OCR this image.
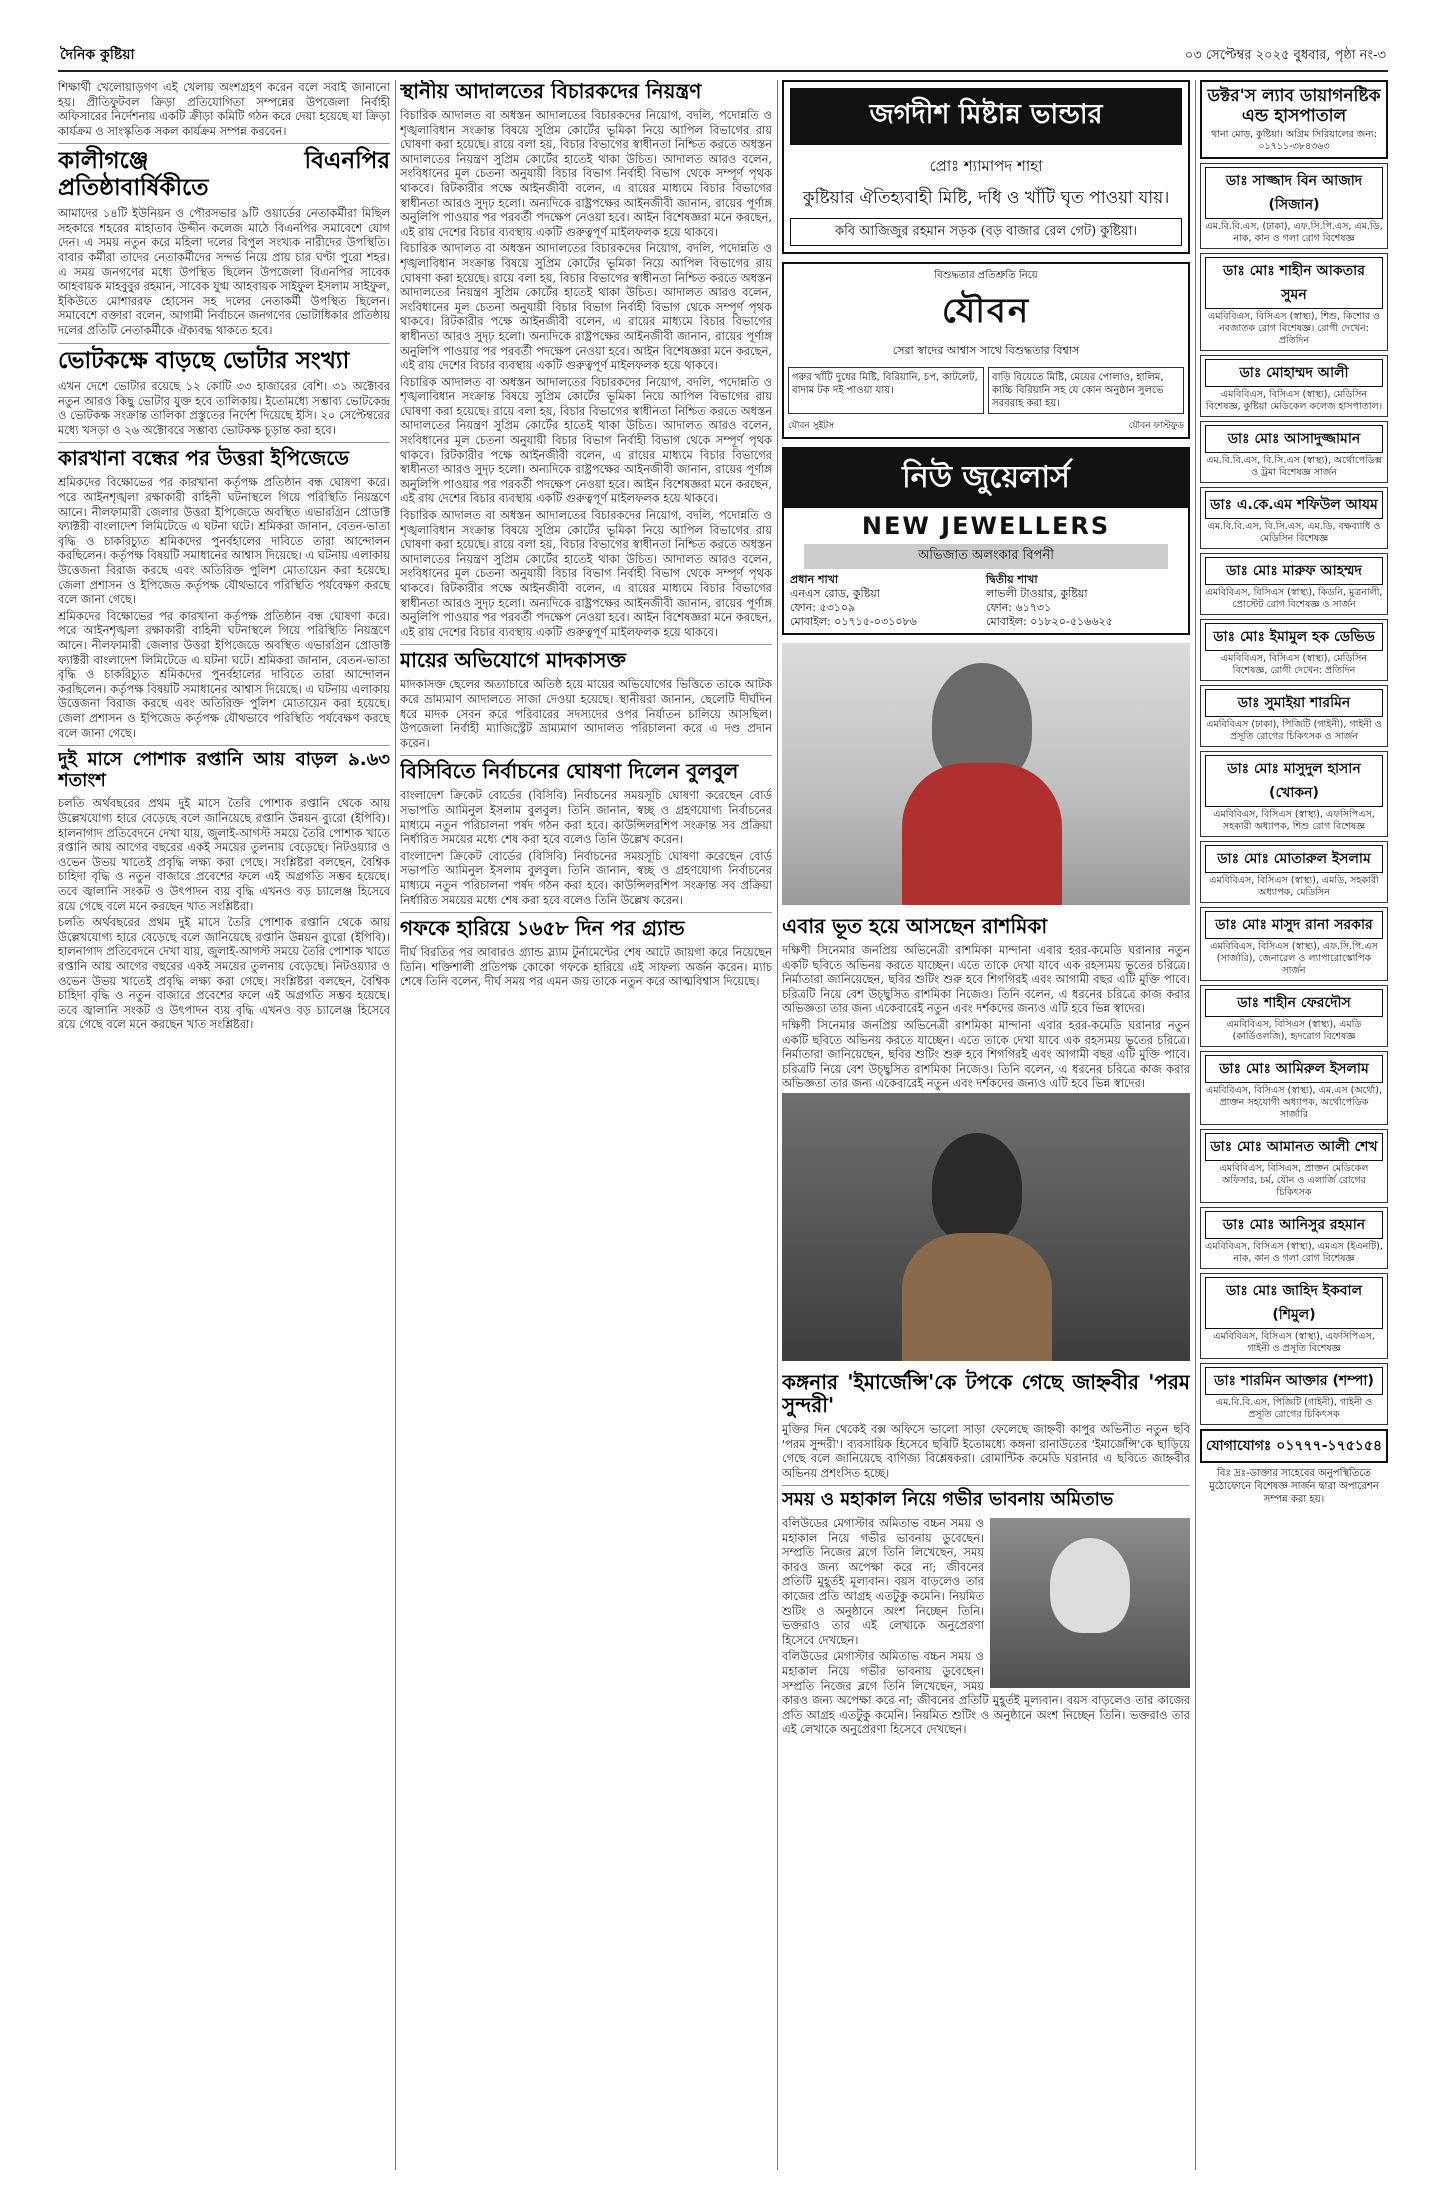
দৈনিক কুষ্টিয়া	০৩ সেপ্টেম্বর ২০২৫ বুধবার, পৃষ্ঠা নং-৩

শিক্ষার্থী খেলোয়াড়গণ এই খেলায় অংশগ্রহণ করেন বলে সবাই জানানো হয়। প্রীতিফুটবল ক্রিড়া প্রতিযোগিতা সম্পন্নের উপজেলা নির্বাহী অফিসারের নির্দেশনায় একটি ক্রীড়া কমিটি গঠন করে দেয়া হয়েছে যা ক্রিড়া কার্যক্রম ও সাংস্কৃতিক সকল কার্যক্রম সম্পন্ন করবেন।

কালীগঞ্জে বিএনপির প্রতিষ্ঠাবার্ষিকীতে

আমাদের ১৪টি ইউনিয়ন ও পৌরসভার ৯টি ওয়ার্ডের নেতাকর্মীরা মিছিল সহকারে শহরের মাহাতাব উদ্দীন কলেজ মাঠে বিএনপির সমাবেশে যোগ দেন। এ সময় নতুন করে মহিলা দলের বিপুল সংখ্যক নারীদের উপস্থিতি। বাবার কর্মীরা তাদের নেতাকর্মীদের সন্দর্ভ নিয়ে প্রায় চার ঘণ্টা পুরো শহর। এ সময় জনগণের মধ্যে উপস্থিত ছিলেন উপজেলা বিএনপির সাবেক আহবায়ক মাহবুবুর রহমান, সাবেক যুগ্ম আহবায়ক সাইফুল ইসলাম সাইফুল, ইকিউতে মোশাররফ হোসেন সহ দলের নেতাকর্মী উপস্থিত ছিলেন। সমাবেশে বক্তারা বলেন, আগামী নির্বাচনে জনগণের ভোটাধিকার প্রতিষ্ঠায় দলের প্রতিটি নেতাকর্মীকে ঐক্যবদ্ধ থাকতে হবে।

ভোটকক্ষে বাড়ছে ভোটার সংখ্যা

এখন দেশে ভোটার রয়েছে ১২ কোটি ৩৩ হাজারের বেশি। ৩১ অক্টোবর নতুন আরও কিছু ভোটার যুক্ত হবে তালিকায়। ইতোমধ্যে সম্ভাব্য ভোটকেন্দ্র ও ভোটকক্ষ সংক্রান্ত তালিকা প্রস্তুতের নির্দেশ দিয়েছে ইসি। ২০ সেপ্টেম্বরের মধ্যে খসড়া ও ২৬ অক্টোবরে সম্ভাব্য ভোটকক্ষ চূড়ান্ত করা হবে।

কারখানা বন্ধের পর উত্তরা ইপিজেডে

শ্রমিকদের বিক্ষোভের পর কারখানা কর্তৃপক্ষ প্রতিষ্ঠান বন্ধ ঘোষণা করে। পরে আইনশৃঙ্খলা রক্ষাকারী বাহিনী ঘটনাস্থলে গিয়ে পরিস্থিতি নিয়ন্ত্রণে আনে। নীলফামারী জেলার উত্তরা ইপিজেডে অবস্থিত এভারগ্রিন প্রোডাক্ট ফ্যাক্টরী বাংলাদেশ লিমিটেডে এ ঘটনা ঘটে। শ্রমিকরা জানান, বেতন-ভাতা বৃদ্ধি ও চাকরিচ্যুত শ্রমিকদের পুনর্বহালের দাবিতে তারা আন্দোলন করছিলেন। কর্তৃপক্ষ বিষয়টি সমাধানের আশ্বাস দিয়েছে। এ ঘটনায় এলাকায় উত্তেজনা বিরাজ করছে এবং অতিরিক্ত পুলিশ মোতায়েন করা হয়েছে। জেলা প্রশাসন ও ইপিজেড কর্তৃপক্ষ যৌথভাবে পরিস্থিতি পর্যবেক্ষণ করছে বলে জানা গেছে।

শ্রমিকদের বিক্ষোভের পর কারখানা কর্তৃপক্ষ প্রতিষ্ঠান বন্ধ ঘোষণা করে। পরে আইনশৃঙ্খলা রক্ষাকারী বাহিনী ঘটনাস্থলে গিয়ে পরিস্থিতি নিয়ন্ত্রণে আনে। নীলফামারী জেলার উত্তরা ইপিজেডে অবস্থিত এভারগ্রিন প্রোডাক্ট ফ্যাক্টরী বাংলাদেশ লিমিটেডে এ ঘটনা ঘটে। শ্রমিকরা জানান, বেতন-ভাতা বৃদ্ধি ও চাকরিচ্যুত শ্রমিকদের পুনর্বহালের দাবিতে তারা আন্দোলন করছিলেন। কর্তৃপক্ষ বিষয়টি সমাধানের আশ্বাস দিয়েছে। এ ঘটনায় এলাকায় উত্তেজনা বিরাজ করছে এবং অতিরিক্ত পুলিশ মোতায়েন করা হয়েছে। জেলা প্রশাসন ও ইপিজেড কর্তৃপক্ষ যৌথভাবে পরিস্থিতি পর্যবেক্ষণ করছে বলে জানা গেছে।

দুই মাসে পোশাক রপ্তানি আয় বাড়ল ৯.৬৩ শতাংশ

চলতি অর্থবছরের প্রথম দুই মাসে তৈরি পোশাক রপ্তানি থেকে আয় উল্লেখযোগ্য হারে বেড়েছে বলে জানিয়েছে রপ্তানি উন্নয়ন ব্যুরো (ইপিবি)। হালনাগাদ প্রতিবেদনে দেখা যায়, জুলাই-আগস্ট সময়ে তৈরি পোশাক খাতে রপ্তানি আয় আগের বছরের একই সময়ের তুলনায় বেড়েছে। নিটওয়্যার ও ওভেন উভয় খাতেই প্রবৃদ্ধি লক্ষ্য করা গেছে। সংশ্লিষ্টরা বলছেন, বৈশ্বিক চাহিদা বৃদ্ধি ও নতুন বাজারে প্রবেশের ফলে এই অগ্রগতি সম্ভব হয়েছে। তবে জ্বালানি সংকট ও উৎপাদন ব্যয় বৃদ্ধি এখনও বড় চ্যালেঞ্জ হিসেবে রয়ে গেছে বলে মনে করছেন খাত সংশ্লিষ্টরা।

চলতি অর্থবছরের প্রথম দুই মাসে তৈরি পোশাক রপ্তানি থেকে আয় উল্লেখযোগ্য হারে বেড়েছে বলে জানিয়েছে রপ্তানি উন্নয়ন ব্যুরো (ইপিবি)। হালনাগাদ প্রতিবেদনে দেখা যায়, জুলাই-আগস্ট সময়ে তৈরি পোশাক খাতে রপ্তানি আয় আগের বছরের একই সময়ের তুলনায় বেড়েছে। নিটওয়্যার ও ওভেন উভয় খাতেই প্রবৃদ্ধি লক্ষ্য করা গেছে। সংশ্লিষ্টরা বলছেন, বৈশ্বিক চাহিদা বৃদ্ধি ও নতুন বাজারে প্রবেশের ফলে এই অগ্রগতি সম্ভব হয়েছে। তবে জ্বালানি সংকট ও উৎপাদন ব্যয় বৃদ্ধি এখনও বড় চ্যালেঞ্জ হিসেবে রয়ে গেছে বলে মনে করছেন খাত সংশ্লিষ্টরা।

স্থানীয় আদালতের বিচারকদের নিয়ন্ত্রণ

বিচারিক আদালত বা অধস্তন আদালতের বিচারকদের নিয়োগ, বদলি, পদোন্নতি ও শৃঙ্খলাবিধান সংক্রান্ত বিষয়ে সুপ্রিম কোর্টের ভূমিকা নিয়ে আপিল বিভাগের রায় ঘোষণা করা হয়েছে। রায়ে বলা হয়, বিচার বিভাগের স্বাধীনতা নিশ্চিত করতে অধস্তন আদালতের নিয়ন্ত্রণ সুপ্রিম কোর্টের হাতেই থাকা উচিত। আদালত আরও বলেন, সংবিধানের মূল চেতনা অনুযায়ী বিচার বিভাগ নির্বাহী বিভাগ থেকে সম্পূর্ণ পৃথক থাকবে। রিটকারীর পক্ষে আইনজীবী বলেন, এ রায়ের মাধ্যমে বিচার বিভাগের স্বাধীনতা আরও সুদৃঢ় হলো। অন্যদিকে রাষ্ট্রপক্ষের আইনজীবী জানান, রায়ের পূর্ণাঙ্গ অনুলিপি পাওয়ার পর পরবর্তী পদক্ষেপ নেওয়া হবে। আইন বিশেষজ্ঞরা মনে করছেন, এই রায় দেশের বিচার ব্যবস্থায় একটি গুরুত্বপূর্ণ মাইলফলক হয়ে থাকবে।

বিচারিক আদালত বা অধস্তন আদালতের বিচারকদের নিয়োগ, বদলি, পদোন্নতি ও শৃঙ্খলাবিধান সংক্রান্ত বিষয়ে সুপ্রিম কোর্টের ভূমিকা নিয়ে আপিল বিভাগের রায় ঘোষণা করা হয়েছে। রায়ে বলা হয়, বিচার বিভাগের স্বাধীনতা নিশ্চিত করতে অধস্তন আদালতের নিয়ন্ত্রণ সুপ্রিম কোর্টের হাতেই থাকা উচিত। আদালত আরও বলেন, সংবিধানের মূল চেতনা অনুযায়ী বিচার বিভাগ নির্বাহী বিভাগ থেকে সম্পূর্ণ পৃথক থাকবে। রিটকারীর পক্ষে আইনজীবী বলেন, এ রায়ের মাধ্যমে বিচার বিভাগের স্বাধীনতা আরও সুদৃঢ় হলো। অন্যদিকে রাষ্ট্রপক্ষের আইনজীবী জানান, রায়ের পূর্ণাঙ্গ অনুলিপি পাওয়ার পর পরবর্তী পদক্ষেপ নেওয়া হবে। আইন বিশেষজ্ঞরা মনে করছেন, এই রায় দেশের বিচার ব্যবস্থায় একটি গুরুত্বপূর্ণ মাইলফলক হয়ে থাকবে।

বিচারিক আদালত বা অধস্তন আদালতের বিচারকদের নিয়োগ, বদলি, পদোন্নতি ও শৃঙ্খলাবিধান সংক্রান্ত বিষয়ে সুপ্রিম কোর্টের ভূমিকা নিয়ে আপিল বিভাগের রায় ঘোষণা করা হয়েছে। রায়ে বলা হয়, বিচার বিভাগের স্বাধীনতা নিশ্চিত করতে অধস্তন আদালতের নিয়ন্ত্রণ সুপ্রিম কোর্টের হাতেই থাকা উচিত। আদালত আরও বলেন, সংবিধানের মূল চেতনা অনুযায়ী বিচার বিভাগ নির্বাহী বিভাগ থেকে সম্পূর্ণ পৃথক থাকবে। রিটকারীর পক্ষে আইনজীবী বলেন, এ রায়ের মাধ্যমে বিচার বিভাগের স্বাধীনতা আরও সুদৃঢ় হলো। অন্যদিকে রাষ্ট্রপক্ষের আইনজীবী জানান, রায়ের পূর্ণাঙ্গ অনুলিপি পাওয়ার পর পরবর্তী পদক্ষেপ নেওয়া হবে। আইন বিশেষজ্ঞরা মনে করছেন, এই রায় দেশের বিচার ব্যবস্থায় একটি গুরুত্বপূর্ণ মাইলফলক হয়ে থাকবে।

বিচারিক আদালত বা অধস্তন আদালতের বিচারকদের নিয়োগ, বদলি, পদোন্নতি ও শৃঙ্খলাবিধান সংক্রান্ত বিষয়ে সুপ্রিম কোর্টের ভূমিকা নিয়ে আপিল বিভাগের রায় ঘোষণা করা হয়েছে। রায়ে বলা হয়, বিচার বিভাগের স্বাধীনতা নিশ্চিত করতে অধস্তন আদালতের নিয়ন্ত্রণ সুপ্রিম কোর্টের হাতেই থাকা উচিত। আদালত আরও বলেন, সংবিধানের মূল চেতনা অনুযায়ী বিচার বিভাগ নির্বাহী বিভাগ থেকে সম্পূর্ণ পৃথক থাকবে। রিটকারীর পক্ষে আইনজীবী বলেন, এ রায়ের মাধ্যমে বিচার বিভাগের স্বাধীনতা আরও সুদৃঢ় হলো। অন্যদিকে রাষ্ট্রপক্ষের আইনজীবী জানান, রায়ের পূর্ণাঙ্গ অনুলিপি পাওয়ার পর পরবর্তী পদক্ষেপ নেওয়া হবে। আইন বিশেষজ্ঞরা মনে করছেন, এই রায় দেশের বিচার ব্যবস্থায় একটি গুরুত্বপূর্ণ মাইলফলক হয়ে থাকবে।

মায়ের অভিযোগে মাদকাসক্ত

মাদকাসক্ত ছেলের অত্যাচারে অতিষ্ঠ হয়ে মায়ের অভিযোগের ভিত্তিতে তাকে আটক করে ভ্রাম্যমাণ আদালতে সাজা দেওয়া হয়েছে। স্থানীয়রা জানান, ছেলেটি দীর্ঘদিন ধরে মাদক সেবন করে পরিবারের সদস্যদের ওপর নির্যাতন চালিয়ে আসছিল। উপজেলা নির্বাহী ম্যাজিস্ট্রেট ভ্রাম্যমাণ আদালত পরিচালনা করে এ দণ্ড প্রদান করেন।

বিসিবিতে নির্বাচনের ঘোষণা দিলেন বুলবুল

বাংলাদেশ ক্রিকেট বোর্ডের (বিসিবি) নির্বাচনের সময়সূচি ঘোষণা করেছেন বোর্ড সভাপতি আমিনুল ইসলাম বুলবুল। তিনি জানান, স্বচ্ছ ও গ্রহণযোগ্য নির্বাচনের মাধ্যমে নতুন পরিচালনা পর্ষদ গঠন করা হবে। কাউন্সিলরশিপ সংক্রান্ত সব প্রক্রিয়া নির্ধারিত সময়ের মধ্যে শেষ করা হবে বলেও তিনি উল্লেখ করেন।

বাংলাদেশ ক্রিকেট বোর্ডের (বিসিবি) নির্বাচনের সময়সূচি ঘোষণা করেছেন বোর্ড সভাপতি আমিনুল ইসলাম বুলবুল। তিনি জানান, স্বচ্ছ ও গ্রহণযোগ্য নির্বাচনের মাধ্যমে নতুন পরিচালনা পর্ষদ গঠন করা হবে। কাউন্সিলরশিপ সংক্রান্ত সব প্রক্রিয়া নির্ধারিত সময়ের মধ্যে শেষ করা হবে বলেও তিনি উল্লেখ করেন।

গফকে হারিয়ে ১৬৫৮ দিন পর গ্র্যান্ড

দীর্ঘ বিরতির পর আবারও গ্র্যান্ড স্ল্যাম টুর্নামেন্টের শেষ আটে জায়গা করে নিয়েছেন তিনি। শক্তিশালী প্রতিপক্ষ কোকো গফকে হারিয়ে এই সাফল্য অর্জন করেন। ম্যাচ শেষে তিনি বলেন, দীর্ঘ সময় পর এমন জয় তাকে নতুন করে আত্মবিশ্বাস দিয়েছে।

জগদীশ মিষ্টান্ন ভান্ডার
প্রোঃ শ্যামাপদ শাহা
কুষ্টিয়ার ঐতিহ্যবাহী মিষ্টি, দধি ও খাঁটি ঘৃত পাওয়া যায়।
কবি আজিজুর রহমান সড়ক (বড় বাজার রেল গেট) কুষ্টিয়া।
বিশুদ্ধতার প্রতিশ্রুতি নিয়ে
যৌবন
সেরা স্বাদের আশ্বাস সাথে বিশুদ্ধতার বিশ্বাস
গরুর খাঁটি দুধের মিষ্টি, বিরিয়ানি, চপ, কাটলেট, বাদাম টক দই পাওয়া যায়।
বাড়ি বিয়েতে মিষ্টি, মেয়ের পোলাও, হালিম, কাচ্চি বিরিয়ানি সহ যে কোন অনুষ্ঠান সুলভে সরবরাহ করা হয়।
যৌবন সুইটস	যৌবন ফাস্টফুড
নিউ জুয়েলার্স
NEW JEWELLERS
অভিজাত অলংকার বিপনী
প্রধান শাখা
এনএস রোড, কুষ্টিয়া
ফোন: ৫৩১০৯
মোবাইল: ০১৭১৫-০৩১০৮৬
দ্বিতীয় শাখা
লাভলী টাওয়ার, কুষ্টিয়া
ফোন: ৬১৭৩১
মোবাইল: ০১৮২০-৫১৬৬২৫
এবার ভূত হয়ে আসছেন রাশমিকা

দক্ষিণী সিনেমার জনপ্রিয় অভিনেত্রী রাশমিকা মান্দানা এবার হরর-কমেডি ঘরানার নতুন একটি ছবিতে অভিনয় করতে যাচ্ছেন। এতে তাকে দেখা যাবে এক রহস্যময় ভূতের চরিত্রে। নির্মাতারা জানিয়েছেন, ছবির শুটিং শুরু হবে শিগগিরই এবং আগামী বছর এটি মুক্তি পাবে। চরিত্রটি নিয়ে বেশ উচ্ছ্বসিত রাশমিকা নিজেও। তিনি বলেন, এ ধরনের চরিত্রে কাজ করার অভিজ্ঞতা তার জন্য একেবারেই নতুন এবং দর্শকদের জন্যও এটি হবে ভিন্ন স্বাদের।

দক্ষিণী সিনেমার জনপ্রিয় অভিনেত্রী রাশমিকা মান্দানা এবার হরর-কমেডি ঘরানার নতুন একটি ছবিতে অভিনয় করতে যাচ্ছেন। এতে তাকে দেখা যাবে এক রহস্যময় ভূতের চরিত্রে। নির্মাতারা জানিয়েছেন, ছবির শুটিং শুরু হবে শিগগিরই এবং আগামী বছর এটি মুক্তি পাবে। চরিত্রটি নিয়ে বেশ উচ্ছ্বসিত রাশমিকা নিজেও। তিনি বলেন, এ ধরনের চরিত্রে কাজ করার অভিজ্ঞতা তার জন্য একেবারেই নতুন এবং দর্শকদের জন্যও এটি হবে ভিন্ন স্বাদের।

কঙ্গনার 'ইমার্জেন্সি'কে টপকে গেছে জাহ্নবীর 'পরম সুন্দরী'

মুক্তির দিন থেকেই বক্স অফিসে ভালো সাড়া ফেলেছে জাহ্নবী কাপুর অভিনীত নতুন ছবি 'পরম সুন্দরী'। ব্যবসায়িক হিসেবে ছবিটি ইতোমধ্যে কঙ্গনা রানাউতের 'ইমার্জেন্সি'কে ছাড়িয়ে গেছে বলে জানিয়েছে বাণিজ্য বিশ্লেষকরা। রোমান্টিক কমেডি ঘরানার এ ছবিতে জাহ্নবীর অভিনয় প্রশংসিত হচ্ছে।

সময় ও মহাকাল নিয়ে গভীর ভাবনায় অমিতাভ

বলিউডের মেগাস্টার অমিতাভ বচ্চন সময় ও মহাকাল নিয়ে গভীর ভাবনায় ডুবেছেন। সম্প্রতি নিজের ব্লগে তিনি লিখেছেন, সময় কারও জন্য অপেক্ষা করে না; জীবনের প্রতিটি মুহূর্তই মূল্যবান। বয়স বাড়লেও তার কাজের প্রতি আগ্রহ এতটুকু কমেনি। নিয়মিত শুটিং ও অনুষ্ঠানে অংশ নিচ্ছেন তিনি। ভক্তরাও তার এই লেখাকে অনুপ্রেরণা হিসেবে দেখছেন।

বলিউডের মেগাস্টার অমিতাভ বচ্চন সময় ও মহাকাল নিয়ে গভীর ভাবনায় ডুবেছেন। সম্প্রতি নিজের ব্লগে তিনি লিখেছেন, সময় কারও জন্য অপেক্ষা করে না; জীবনের প্রতিটি মুহূর্তই মূল্যবান। বয়স বাড়লেও তার কাজের প্রতি আগ্রহ এতটুকু কমেনি। নিয়মিত শুটিং ও অনুষ্ঠানে অংশ নিচ্ছেন তিনি। ভক্তরাও তার এই লেখাকে অনুপ্রেরণা হিসেবে দেখছেন।

ডক্টর'স ল্যাব ডায়াগনষ্টিক এন্ড হাসপাতাল
থানা মোড়, কুষ্টিয়া। অগ্রিম সিরিয়ালের জন্য: ০১৭১১-৩৮৪৩৬৩
ডাঃ সাজ্জাদ বিন আজাদ (সিজান)
এম.বি.বি.এস, (ঢাকা), এফ.সি.পি.এস, এম.ডি, নাক, কান ও গলা রোগ বিশেষজ্ঞ
ডাঃ মোঃ শাহীন আকতার সুমন
এমবিবিএস, বিসিএস (স্বাস্থ্য), শিশু, কিশোর ও নবজাতক রোগ বিশেষজ্ঞ। রোগী দেখেন: প্রতিদিন
ডাঃ মোহাম্মদ আলী
এমবিবিএস, বিসিএস (স্বাস্থ্য), মেডিসিন বিশেষজ্ঞ, কুষ্টিয়া মেডিকেল কলেজ হাসপাতাল।
ডাঃ মোঃ আসাদুজ্জামান
এম.বি.বি.এস, বি.সি.এস (স্বাস্থ্য), অর্থোপেডিক্স ও ট্রমা বিশেষজ্ঞ সার্জন
ডাঃ এ.কে.এম শফিউল আযম
এম.বি.বি.এস, বি.সি.এস, এম.ডি, বক্ষব্যাধি ও মেডিসিন বিশেষজ্ঞ
ডাঃ মোঃ মারুফ আহম্মদ
এমবিবিএস, বিসিএস (স্বাস্থ্য), কিডনি, মুত্রনালী, প্রোস্টেট রোগ বিশেষজ্ঞ ও সার্জন
ডাঃ মোঃ ইমামুল হক ডেভিড
এমবিবিএস, বিসিএস (স্বাস্থ্য), মেডিসিন বিশেষজ্ঞ, রোগী দেখেন: প্রতিদিন
ডাঃ সুমাইয়া শারমিন
এমবিবিএস (ঢাকা), পিজিটি (গাইনী), গাইনী ও প্রসূতি রোগের চিকিৎসক ও সার্জন
ডাঃ মোঃ মাসুদুল হাসান (খোকন)
এমবিবিএস, বিসিএস (স্বাস্থ্য), এফসিপিএস, সহকারী অধ্যাপক, শিশু রোগ বিশেষজ্ঞ
ডাঃ মোঃ মোতারুল ইসলাম
এমবিবিএস, বিসিএস (স্বাস্থ্য), এমডি, সহকারী অধ্যাপক, মেডিসিন
ডাঃ মোঃ মাসুদ রানা সরকার
এমবিবিএস, বিসিএস (স্বাস্থ্য), এফ.সি.পি.এস (সার্জারি), জেনারেল ও ল্যাপারোস্কোপিক সার্জন
ডাঃ শাহীন ফেরদৌস
এমবিবিএস, বিসিএস (স্বাস্থ্য), এমডি (কার্ডিওলজি), হৃদরোগ বিশেষজ্ঞ
ডাঃ মোঃ আমিরুল ইসলাম
এমবিবিএস, বিসিএস (স্বাস্থ্য), এম.এস (অর্থো), প্রাক্তন সহযোগী অধ্যাপক, অর্থোপেডিক সার্জারি
ডাঃ মোঃ আমানত আলী শেখ
এমবিবিএস, বিসিএস, প্রাক্তন মেডিকেল অফিসার, চর্ম, যৌন ও এলার্জি রোগের চিকিৎসক
ডাঃ মোঃ আনিসুর রহমান
এমবিবিএস, বিসিএস (স্বাস্থ্য), এমএস (ইএনটি), নাক, কান ও গলা রোগ বিশেষজ্ঞ
ডাঃ মোঃ জাহিদ ইকবাল (শিমুল)
এমবিবিএস, বিসিএস (স্বাস্থ্য), এফসিপিএস, গাইনী ও প্রসূতি বিশেষজ্ঞ
ডাঃ শারমিন আক্তার (শম্পা)
এম.বি.বি.এস, পিজিটি (গাইনী), গাইনী ও প্রসূতি রোগের চিকিৎসক
যোগাযোগঃ ০১৭৭৭-১৭৫১৫৪
বিঃ দ্রঃ-ডাক্তার সাহেবের অনুপস্থিতিতে মুঠোফোনে বিশেষজ্ঞ সার্জন দ্বারা অপারেশন সম্পন্ন করা হয়।
